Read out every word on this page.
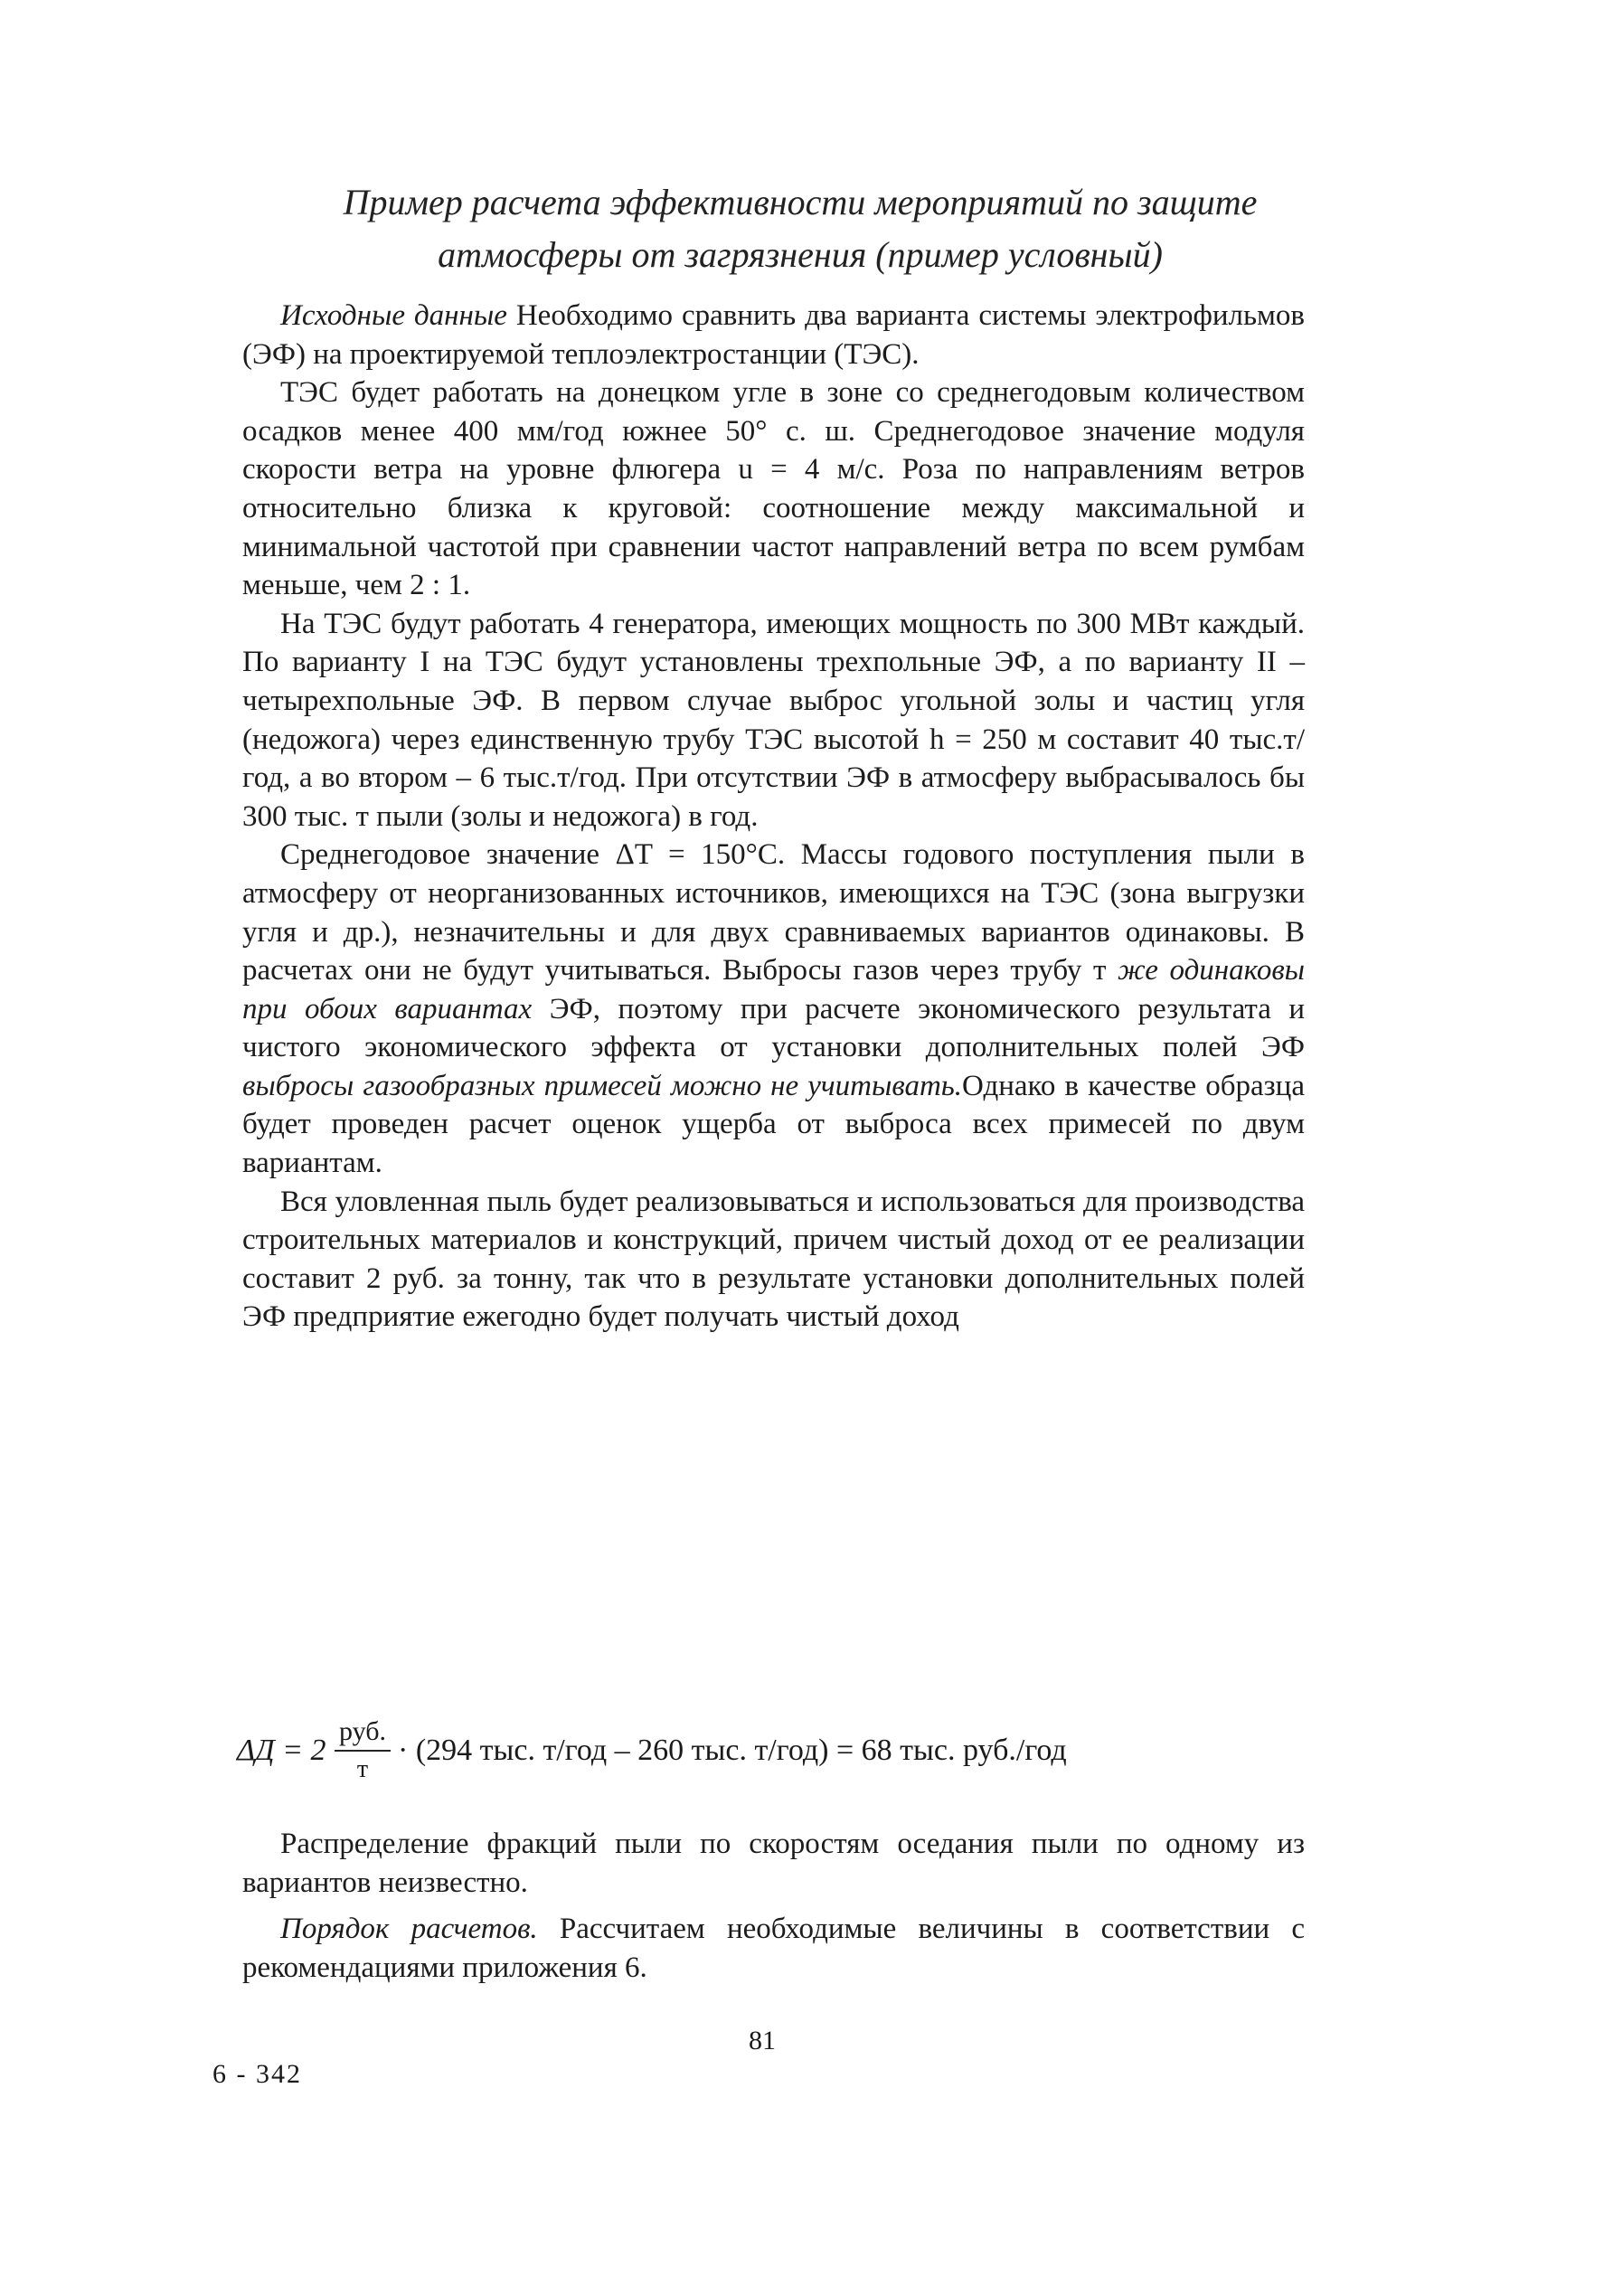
Пример расчета эффективности мероприятий по защите
атмосферы от загрязнения (пример условный)

Исходные данные Необходимо сравнить два варианта системы электрофильмов (ЭФ) на проектируемой теплоэлектростанции (ТЭС).

ТЭС будет работать на донецком угле в зоне со среднегодовым количеством осадков менее 400 мм/год южнее 50° с. ш. Среднегодовое значение модуля скорости ветра на уровне флюгера u = 4 м/с. Роза по направлениям ветров относительно близка к круговой: соотношение между максимальной и минимальной частотой при сравнении частот направлений ветра по всем румбам меньше, чем 2 : 1.

На ТЭС будут работать 4 генератора, имеющих мощность по 300 МВт каждый. По варианту I на ТЭС будут установлены трехпольные ЭФ, а по варианту II – четырехпольные ЭФ. В первом случае выброс угольной золы и частиц угля (недожога) через единственную трубу ТЭС высотой h = 250 м составит 40 тыс.т/год, а во втором – 6 тыс.т/год. При отсутствии ЭФ в атмосферу выбрасывалось бы 300 тыс. т пыли (золы и недожога) в год.

Среднегодовое значение ΔT = 150°C. Массы годового поступления пыли в атмосферу от неорганизованных источников, имеющихся на ТЭС (зона выгрузки угля и др.), незначительны и для двух сравниваемых вариантов одинаковы. В расчетах они не будут учитываться. Выбросы газов через трубу т же одинаковы при обоих вариантах ЭФ, поэтому при расчете экономического результата и чистого экономического эффекта от установки дополнительных полей ЭФ выбросы газообразных примесей можно не учитывать.Однако в качестве образца будет проведен расчет оценок ущерба от выброса всех примесей по двум вариантам.

Вся уловленная пыль будет реализовываться и использоваться для производства строительных материалов и конструкций, причем чистый доход от ее реализации составит 2 руб. за тонну, так что в результате установки дополнительных полей ЭФ предприятие ежегодно будет получать чистый доход

ΔД = 2
руб.
т
· (294 тыс. т/год – 260 тыс. т/год) = 68 тыс. руб./год

Распределение фракций пыли по скоростям оседания пыли по одному из вариантов неизвестно.

Порядок расчетов. Рассчитаем необходимые величины в соответствии с рекомендациями приложения 6.

81
6 - 342
